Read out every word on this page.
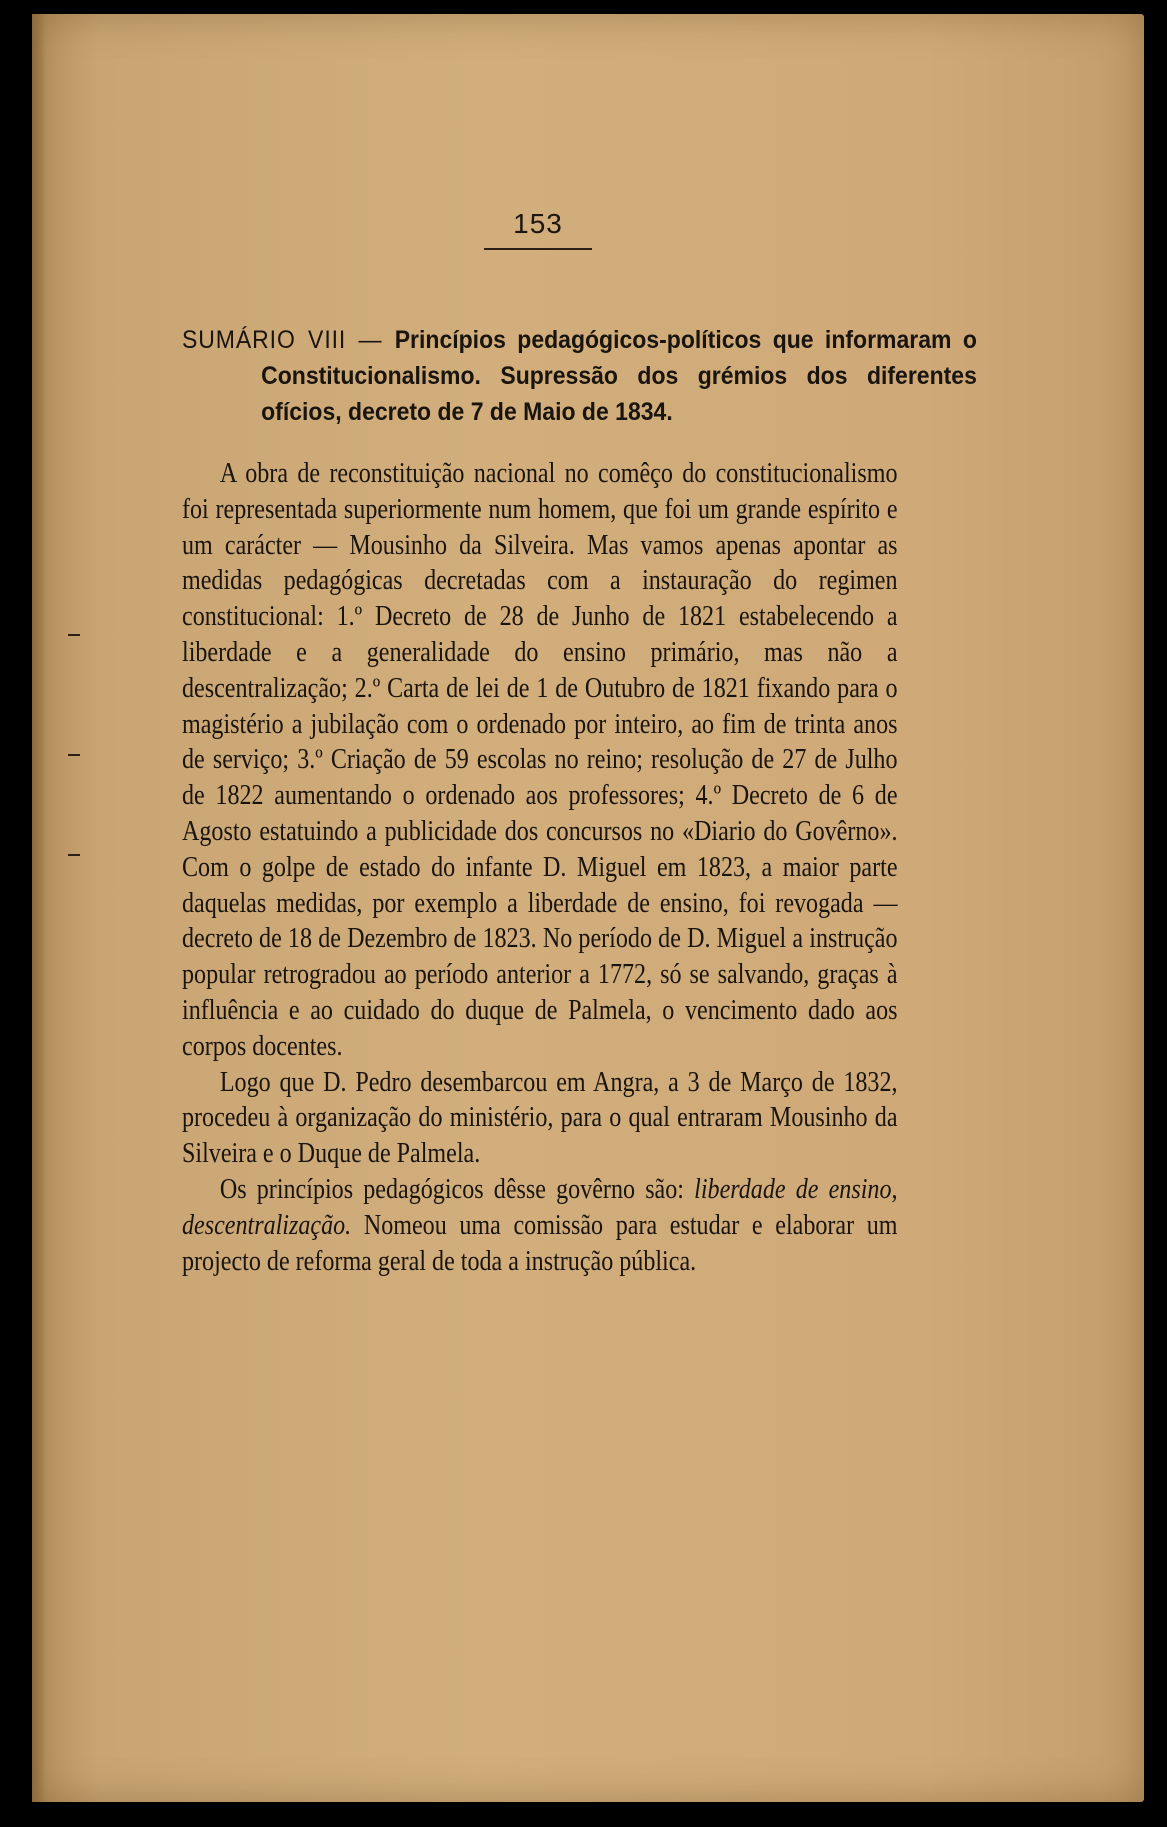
153
SUMÁRIO VIII — Princípios pedagógicos-políticos que informaram o Constitucionalismo. Supressão dos grémios dos diferentes ofícios, decreto de 7 de Maio de 1834.

A obra de reconstituição nacional no comêço do constitucionalismo foi representada superiormente num homem, que foi um grande espírito e um carácter — Mousinho da Silveira. Mas vamos apenas apontar as medidas pedagógicas decretadas com a instauração do regimen constitucional: 1.º Decreto de 28 de Junho de 1821 estabelecendo a liberdade e a generalidade do ensino primário, mas não a descentralização; 2.º Carta de lei de 1 de Outubro de 1821 fixando para o magistério a jubilação com o ordenado por inteiro, ao fim de trinta anos de serviço; 3.º Criação de 59 escolas no reino; resolução de 27 de Julho de 1822 aumentando o ordenado aos professores; 4.º Decreto de 6 de Agosto estatuindo a publicidade dos concursos no «Diario do Govêrno». Com o golpe de estado do infante D. Miguel em 1823, a maior parte daquelas medidas, por exemplo a liberdade de ensino, foi revogada — decreto de 18 de Dezembro de 1823. No período de D. Miguel a instrução popular retrogradou ao período anterior a 1772, só se salvando, graças à influência e ao cuidado do duque de Palmela, o vencimento dado aos corpos docentes.

Logo que D. Pedro desembarcou em Angra, a 3 de Março de 1832, procedeu à organização do ministério, para o qual entraram Mousinho da Silveira e o Duque de Palmela.

Os princípios pedagógicos dêsse govêrno são: liberdade de ensino, descentralização. Nomeou uma comissão para estudar e elaborar um projecto de reforma geral de toda a instrução pública.
